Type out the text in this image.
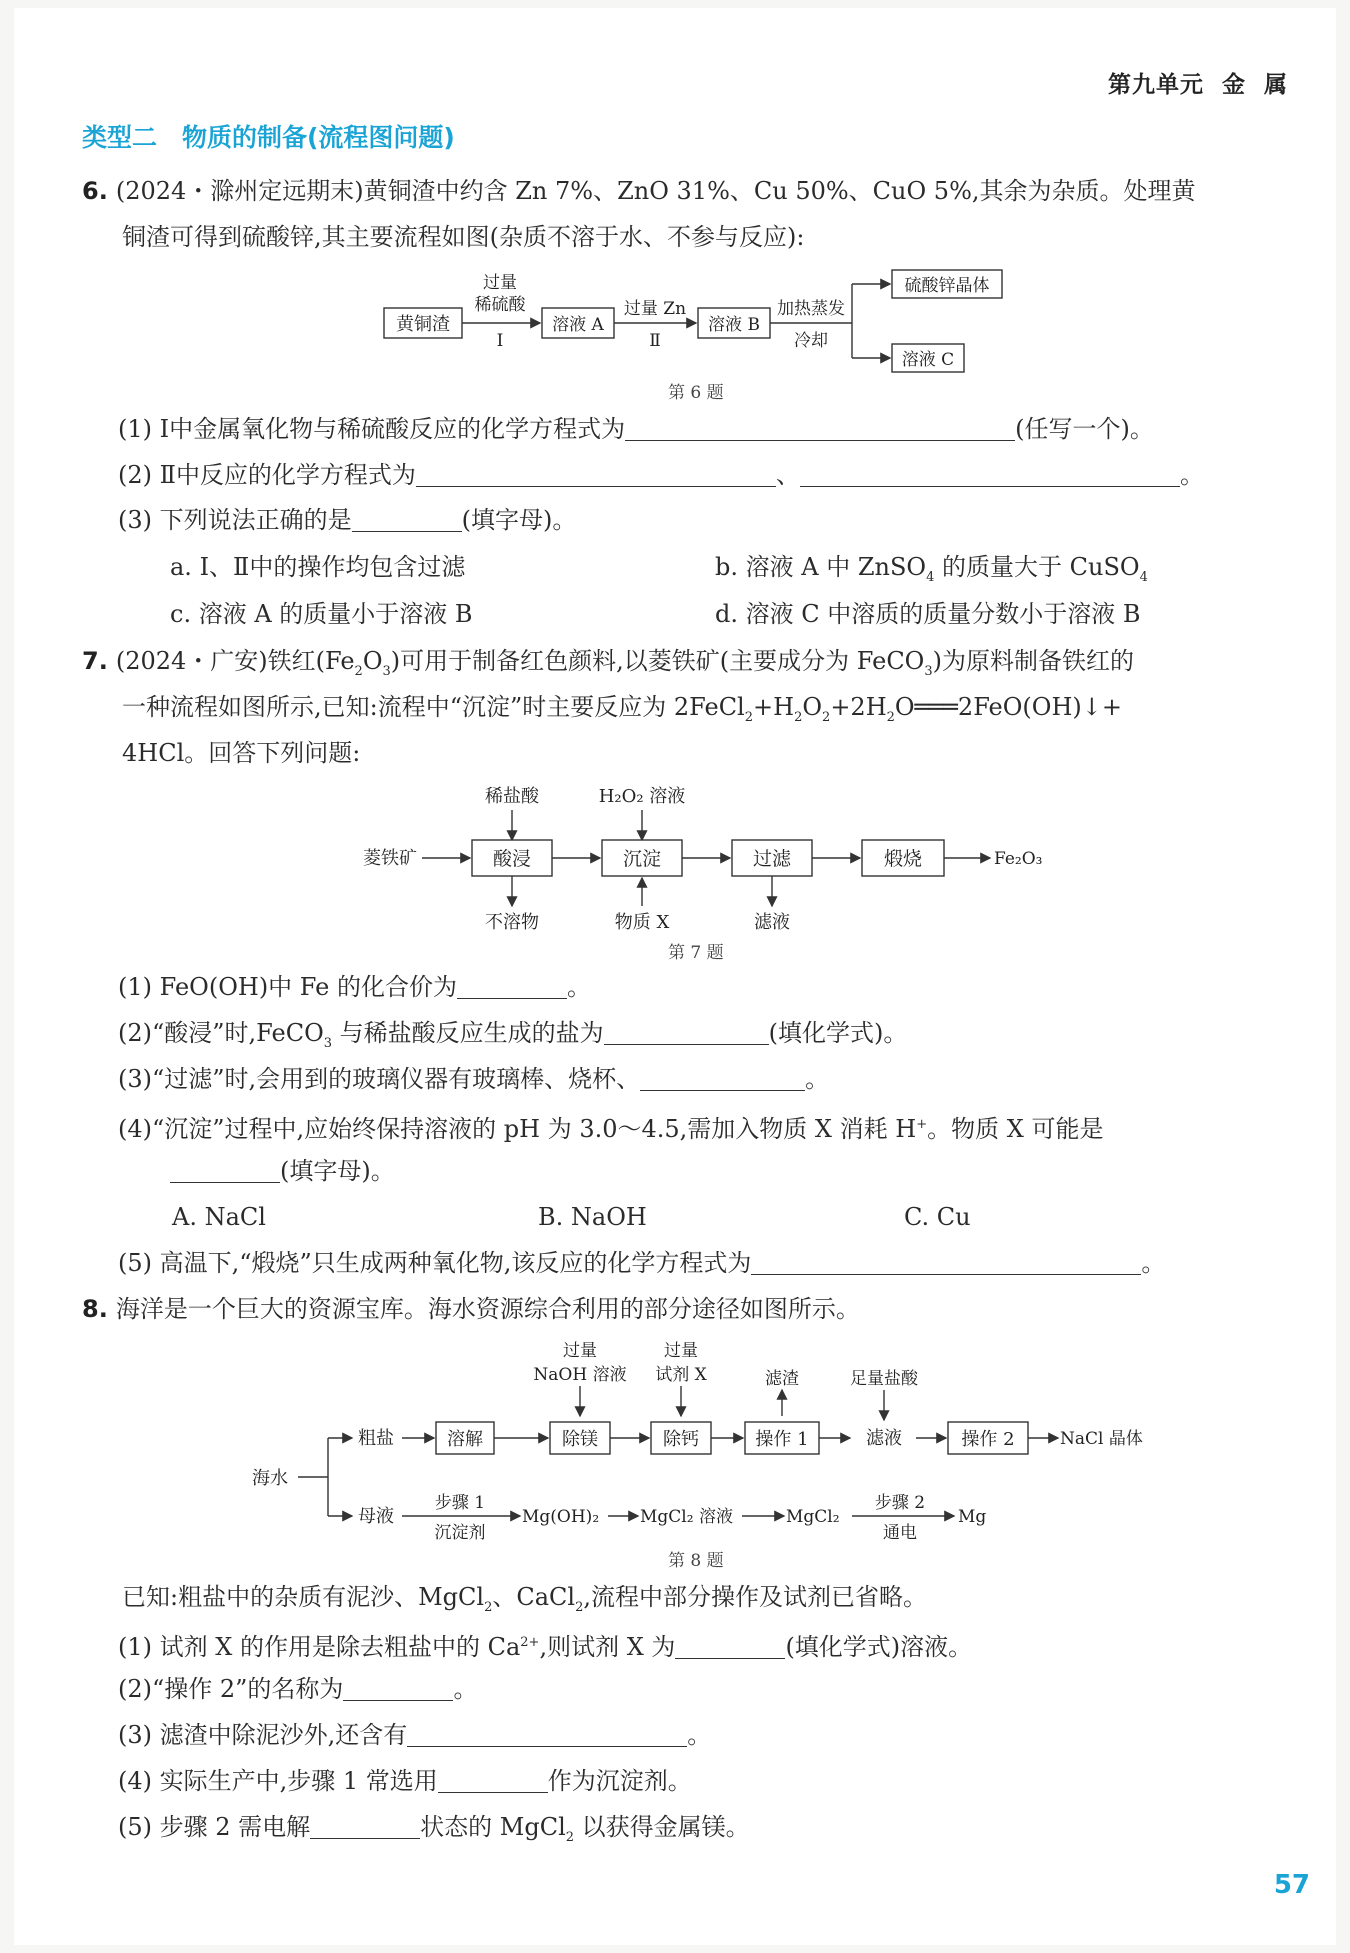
第九单元 金 属
类型二　物质的制备(流程图问题)
6. (2024・滁州定远期末)黄铜渣中约含 Zn 7%、ZnO 31%、Cu 50%、CuO 5%,其余为杂质。处理黄
铜渣可得到硫酸锌,其主要流程如图(杂质不溶于水、不参与反应):
黄铜渣
过量
稀硫酸
Ⅰ
溶液 A
过量 Zn
Ⅱ
溶液 B
加热蒸发
冷却
硫酸锌晶体
溶液 C
第 6 题
(1) Ⅰ中金属氧化物与稀硫酸反应的化学方程式为	(任写一个)。
(2) Ⅱ中反应的化学方程式为	、	。
(3) 下列说法正确的是	(填字母)。
a. Ⅰ、Ⅱ中的操作均包含过滤	b. 溶液 A 中 ZnSO$_4$ 的质量大于 CuSO$_4$
c. 溶液 A 的质量小于溶液 B	d. 溶液 C 中溶质的质量分数小于溶液 B
7. (2024・广安)铁红$(Fe_2O_3)$可用于制备红色颜料,以菱铁矿(主要成分为 FeCO$_3$)为原料制备铁红的
一种流程如图所示,已知:流程中“沉淀”时主要反应为 $2FeCl_2+H_2O_2+2H_2O═══2FeO(OH)↓+$
4HCl。回答下列问题:
稀盐酸	H₂O₂ 溶液
菱铁矿	酸浸	沉淀	过滤	煅烧	Fe₂O₃
不溶物	物质 X	滤液
第 7 题
(1) FeO(OH)中 Fe 的化合价为	。
(2)“酸浸”时,FeCO$_3$ 与稀盐酸反应生成的盐为	(填化学式)。
(3)“过滤”时,会用到的玻璃仪器有玻璃棒、烧杯、	。
(4)“沉淀”过程中,应始终保持溶液的 pH 为 3.0～4.5,需加入物质 X 消耗 H+。物质 X 可能是
(填字母)。
A. NaCl	B. NaOH	C. Cu
(5) 高温下,“煅烧”只生成两种氧化物,该反应的化学方程式为	。
8. 海洋是一个巨大的资源宝库。海水资源综合利用的部分途径如图所示。
过量
NaOH 溶液
过量
试剂 X	滤渣	足量盐酸
海水
粗盐	溶解	除镁	除钙	操作 1	滤液	操作 2	NaCl 晶体
母液
步骤 1
沉淀剂
Mg(OH)₂ MgCl₂ 溶液	MgCl₂
步骤 2
通电
Mg
第 8 题
已知:粗盐中的杂质有泥沙、MgCl$_2$、CaCl$_2$,流程中部分操作及试剂已省略。
(1) 试剂 X 的作用是除去粗盐中的 $Ca^{2+}$,则试剂 X 为	(填化学式)溶液。
(2)“操作 2”的名称为	。
(3) 滤渣中除泥沙外,还含有	。
(4) 实际生产中,步骤 1 常选用	作为沉淀剂。
(5) 步骤 2 需电解	状态的 MgCl$_2$ 以获得金属镁。
57
